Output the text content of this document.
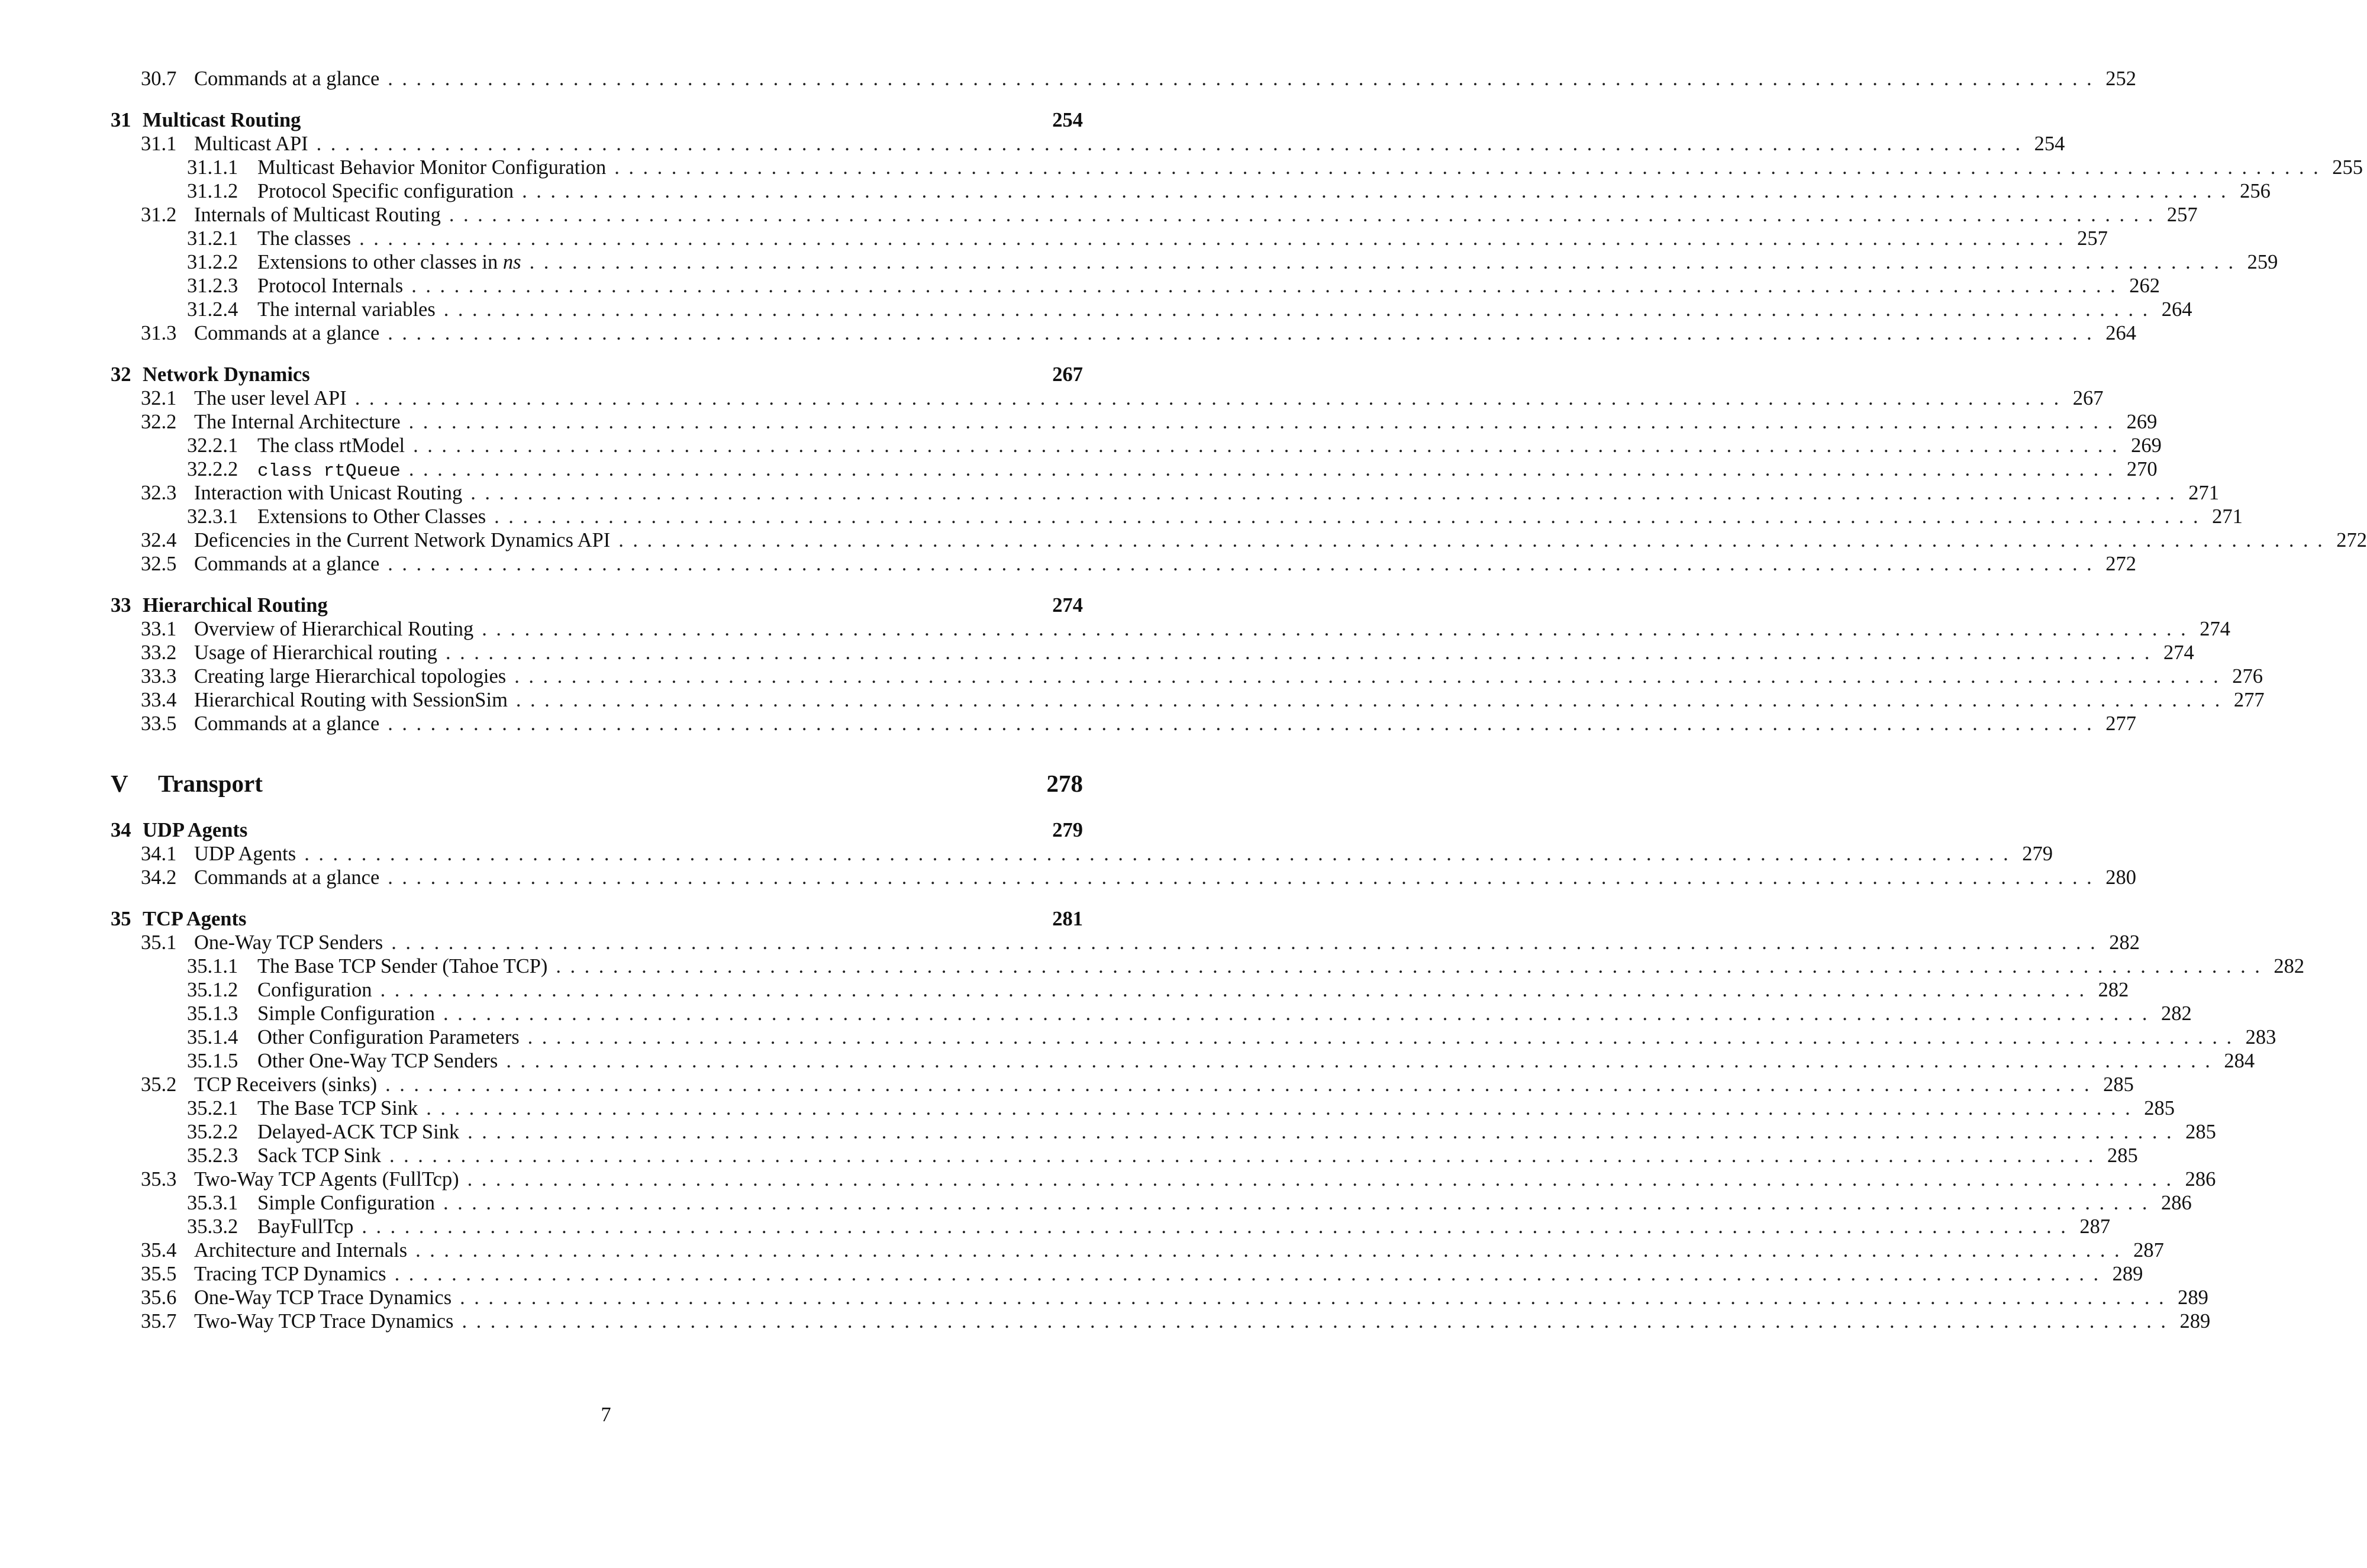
30.7 Commands at a glance ........................................................................................................................ 252
31 Multicast Routing	254
31.1 Multicast API ........................................................................................................................ 254
31.1.1 Multicast Behavior Monitor Configuration ........................................................................................................................ 255
31.1.2 Protocol Specific configuration ........................................................................................................................ 256
31.2 Internals of Multicast Routing ........................................................................................................................ 257
31.2.1 The classes ........................................................................................................................ 257
31.2.2 Extensions to other classes in ns ........................................................................................................................ 259
31.2.3 Protocol Internals ........................................................................................................................ 262
31.2.4 The internal variables ........................................................................................................................ 264
31.3 Commands at a glance ........................................................................................................................ 264
32 Network Dynamics	267
32.1 The user level API ........................................................................................................................ 267
32.2 The Internal Architecture ........................................................................................................................ 269
32.2.1 The class rtModel ........................................................................................................................ 269
32.2.2	class rtQueue ........................................................................................................................ 270
32.3 Interaction with Unicast Routing ........................................................................................................................ 271
32.3.1 Extensions to Other Classes ........................................................................................................................ 271
32.4 Deficencies in the Current Network Dynamics API ........................................................................................................................ 272
32.5 Commands at a glance ........................................................................................................................ 272
33 Hierarchical Routing	274
33.1 Overview of Hierarchical Routing ........................................................................................................................ 274
33.2 Usage of Hierarchical routing ........................................................................................................................ 274
33.3 Creating large Hierarchical topologies ........................................................................................................................ 276
33.4 Hierarchical Routing with SessionSim ........................................................................................................................ 277
33.5 Commands at a glance ........................................................................................................................ 277
V Transport	278
34 UDP Agents	279
34.1 UDP Agents ........................................................................................................................ 279
34.2 Commands at a glance ........................................................................................................................ 280
35 TCP Agents	281
35.1 One-Way TCP Senders ........................................................................................................................ 282
35.1.1 The Base TCP Sender (Tahoe TCP) ........................................................................................................................ 282
35.1.2 Configuration ........................................................................................................................ 282
35.1.3 Simple Configuration ........................................................................................................................ 282
35.1.4 Other Configuration Parameters ........................................................................................................................ 283
35.1.5 Other One-Way TCP Senders ........................................................................................................................ 284
35.2 TCP Receivers (sinks) ........................................................................................................................ 285
35.2.1 The Base TCP Sink ........................................................................................................................ 285
35.2.2 Delayed-ACK TCP Sink ........................................................................................................................ 285
35.2.3 Sack TCP Sink ........................................................................................................................ 285
35.3 Two-Way TCP Agents (FullTcp) ........................................................................................................................ 286
35.3.1 Simple Configuration ........................................................................................................................ 286
35.3.2 BayFullTcp ........................................................................................................................ 287
35.4 Architecture and Internals ........................................................................................................................ 287
35.5 Tracing TCP Dynamics ........................................................................................................................ 289
35.6 One-Way TCP Trace Dynamics ........................................................................................................................ 289
35.7 Two-Way TCP Trace Dynamics ........................................................................................................................ 289
7
